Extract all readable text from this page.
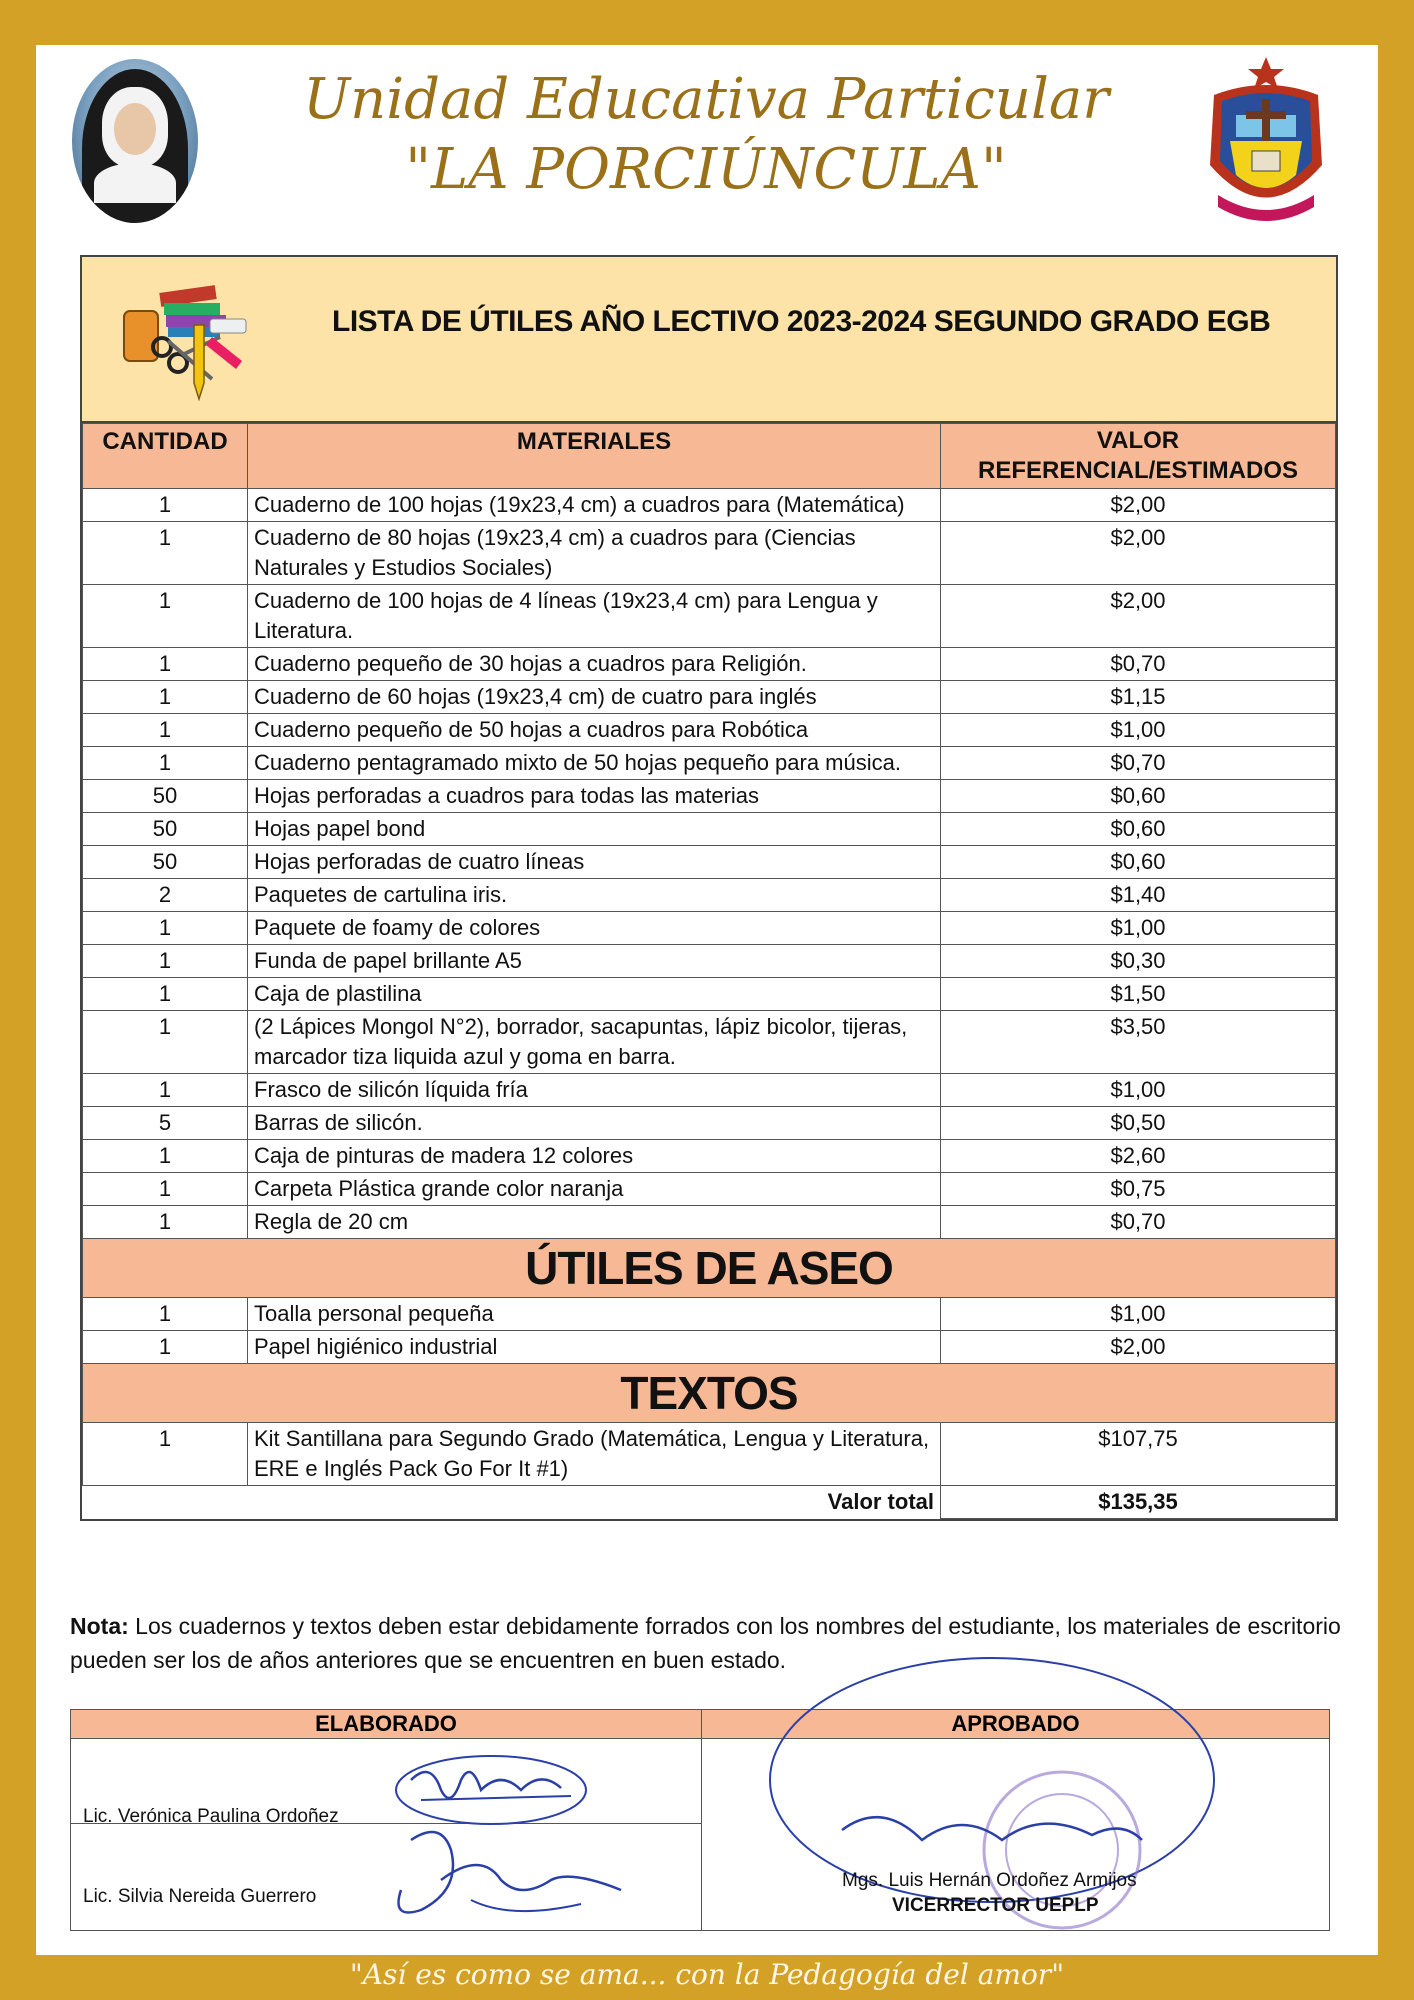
Unidad Educativa Particular
"LA PORCIÚNCULA"
LISTA DE ÚTILES AÑO LECTIVO 2023-2024 SEGUNDO GRADO EGB
CANTIDAD	MATERIALES	VALOR
REFERENCIAL/ESTIMADOS
1	Cuaderno de 100 hojas (19x23,4 cm) a cuadros para (Matemática)	$2,00
1	Cuaderno de 80 hojas (19x23,4 cm) a cuadros para (Ciencias Naturales y Estudios Sociales)	$2,00
1	Cuaderno de 100 hojas de 4 líneas (19x23,4 cm) para Lengua y Literatura.	$2,00
1	Cuaderno pequeño de 30 hojas a cuadros para Religión.	$0,70
1	Cuaderno de 60 hojas (19x23,4 cm) de cuatro para inglés	$1,15
1	Cuaderno pequeño de 50 hojas a cuadros para Robótica	$1,00
1	Cuaderno pentagramado mixto de 50 hojas pequeño para música.	$0,70
50	Hojas perforadas a cuadros para todas las materias	$0,60
50	Hojas papel bond	$0,60
50	Hojas perforadas de cuatro líneas	$0,60
2	Paquetes de cartulina iris.	$1,40
1	Paquete de foamy de colores	$1,00
1	Funda de papel brillante A5	$0,30
1	Caja de plastilina	$1,50
1	(2 Lápices Mongol N°2), borrador, sacapuntas, lápiz bicolor, tijeras, marcador tiza liquida azul y goma en barra.	$3,50
1	Frasco de silicón líquida fría	$1,00
5	Barras de silicón.	$0,50
1	Caja de pinturas de madera 12 colores	$2,60
1	Carpeta Plástica grande color naranja	$0,75
1	Regla de 20 cm	$0,70
ÚTILES DE ASEO		
1	Toalla personal pequeña	$1,00
1	Papel higiénico industrial	$2,00
TEXTOS		
1	Kit Santillana para Segundo Grado (Matemática, Lengua y Literatura, ERE e Inglés Pack Go For It #1)	$107,75
Valor total		$135,35
Nota: Los cuadernos y textos deben estar debidamente forrados con los nombres del estudiante, los materiales de escritorio pueden ser los de años anteriores que se encuentren en buen estado.
ELABORADO
Lic. Verónica Paulina Ordoñez
Lic. Silvia Nereida Guerrero
APROBADO
Mgs. Luis Hernán Ordoñez Armijos
VICERRECTOR UEPLP
"Así es como se ama... con la Pedagogía del amor"
